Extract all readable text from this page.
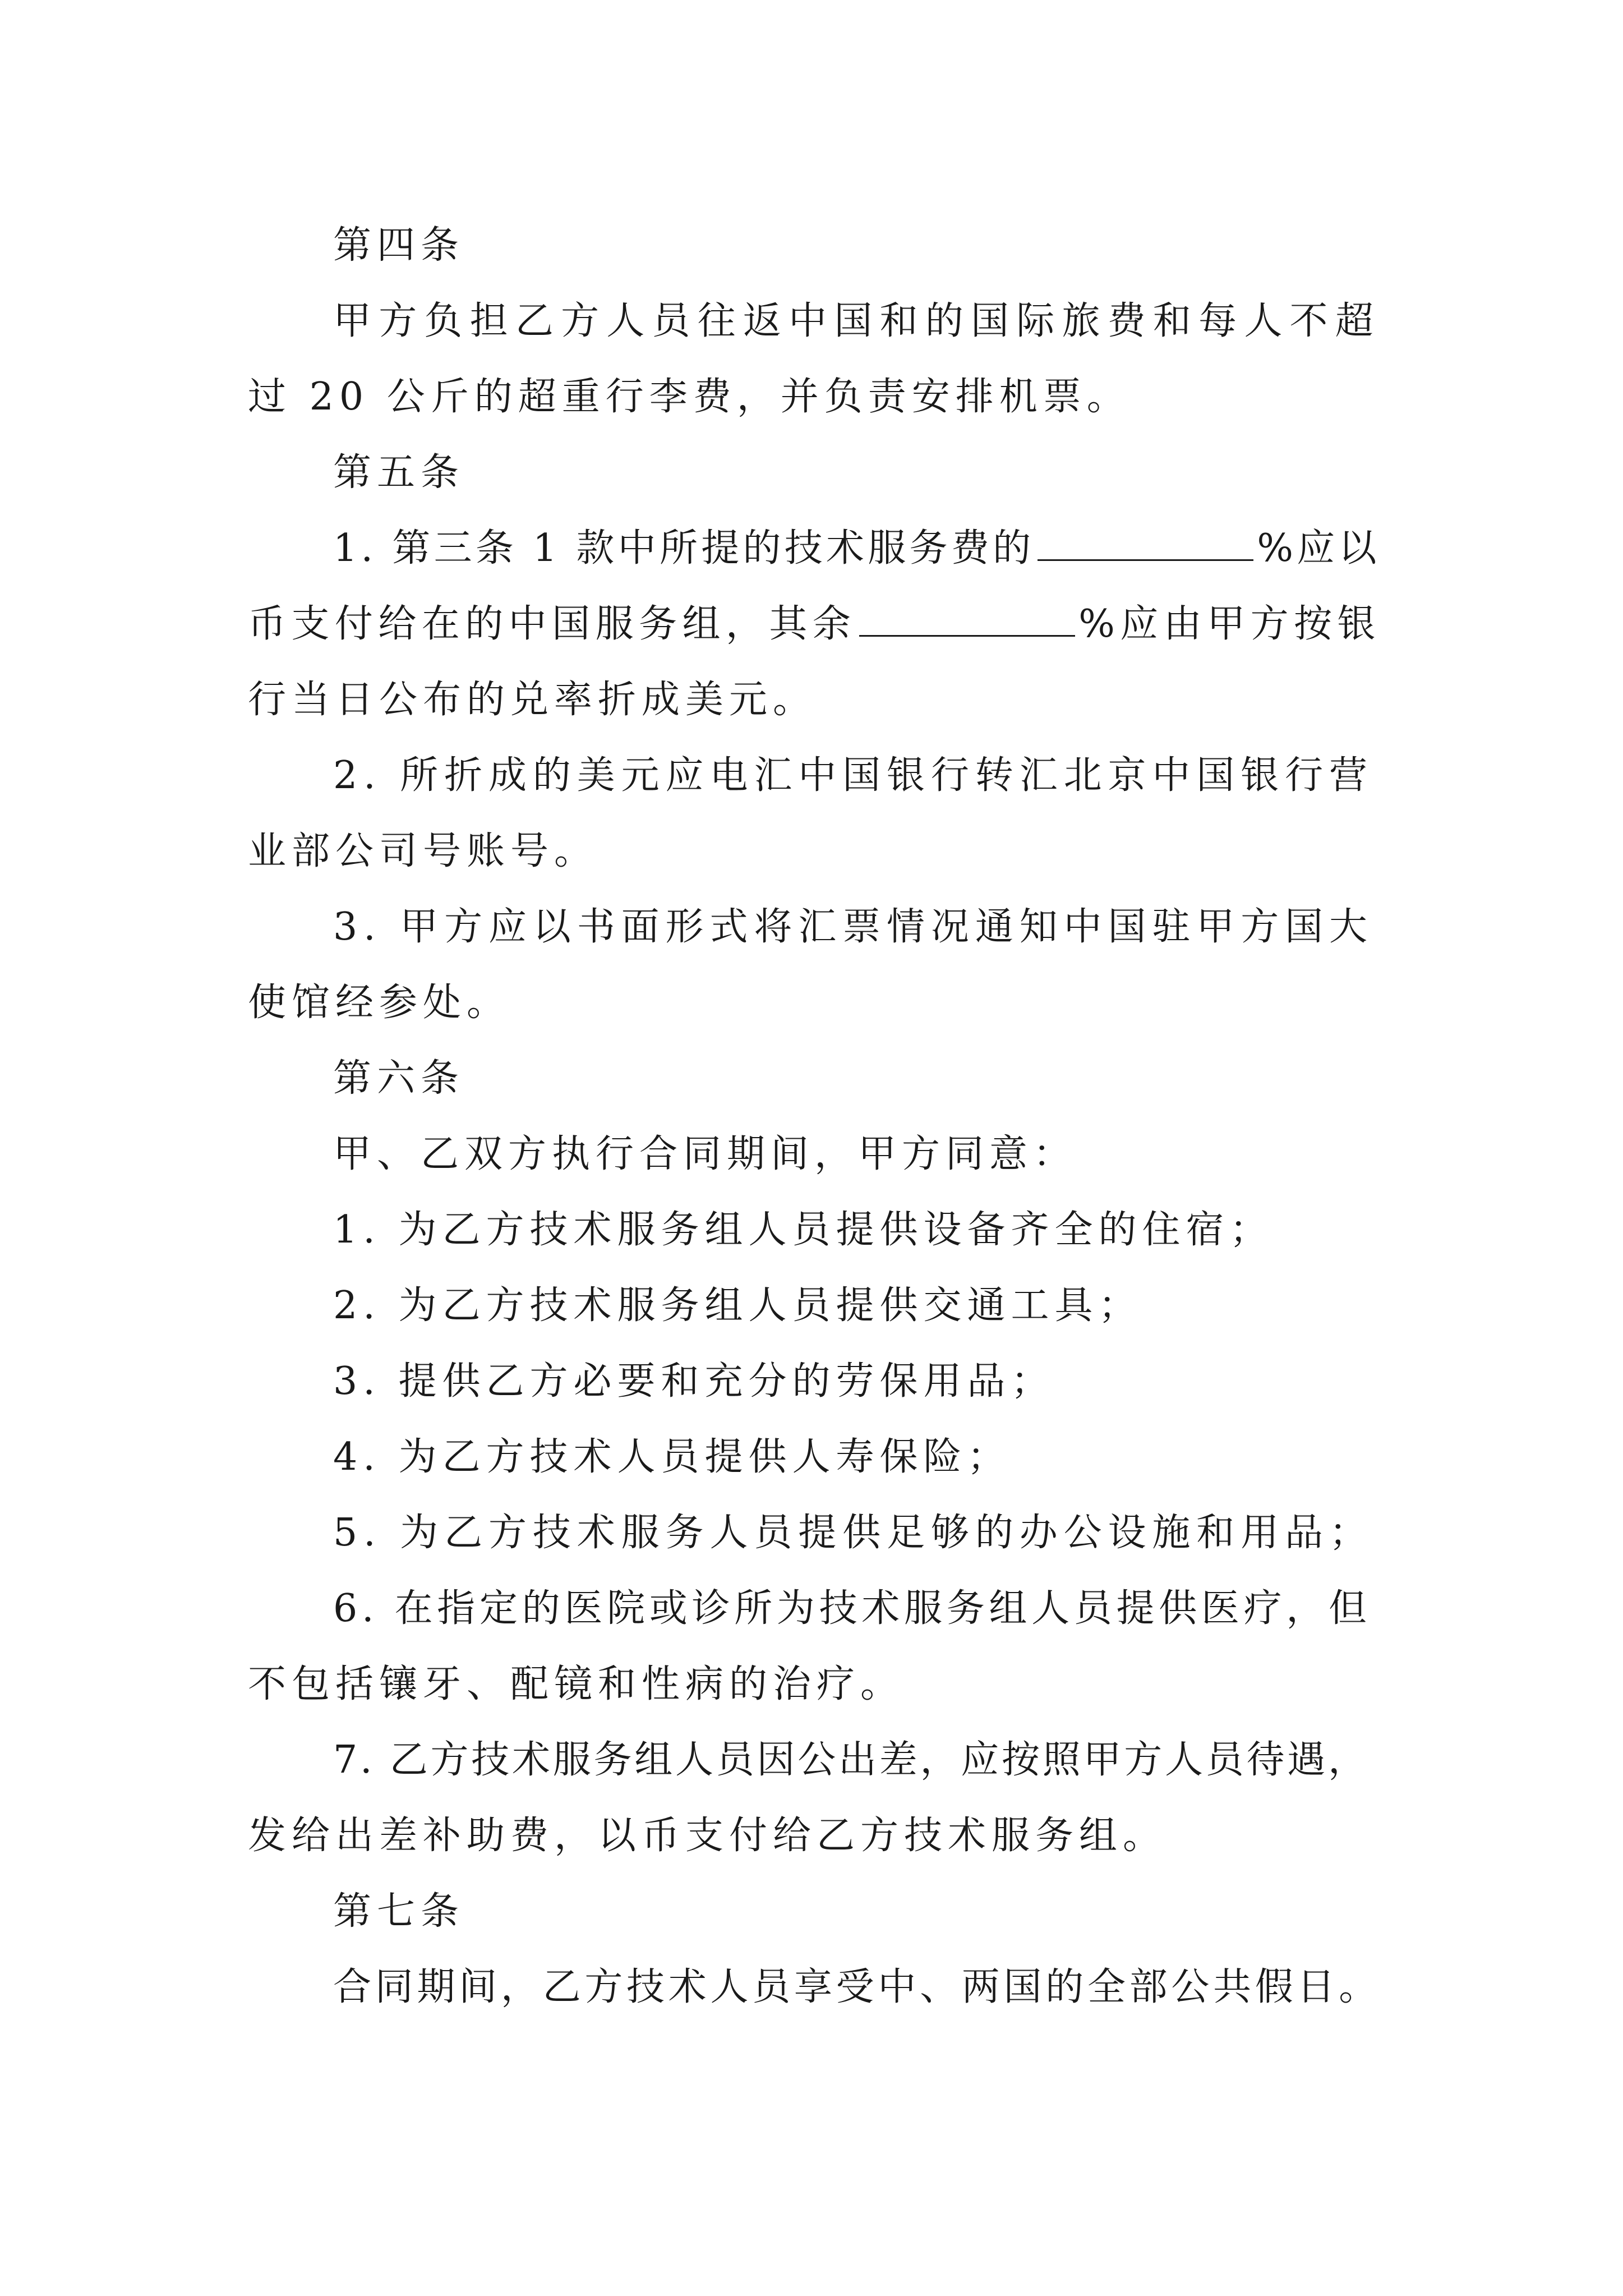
第四条
甲方负担乙方人员往返中国和的国际旅费和每人不超
过 20 公斤的超重行李费，并负责安排机票。
第五条
1. 第三条 1 款中所提的技术服务费的	%应以
币支付给在的中国服务组，其余	%应由甲方按银
行当日公布的兑率折成美元。
2. 所折成的美元应电汇中国银行转汇北京中国银行营
业部公司号账号。
3. 甲方应以书面形式将汇票情况通知中国驻甲方国大
使馆经参处。
第六条
甲、乙双方执行合同期间，甲方同意：
1. 为乙方技术服务组人员提供设备齐全的住宿；
2. 为乙方技术服务组人员提供交通工具；
3. 提供乙方必要和充分的劳保用品；
4. 为乙方技术人员提供人寿保险；
5. 为乙方技术服务人员提供足够的办公设施和用品；
6. 在指定的医院或诊所为技术服务组人员提供医疗，但
不包括镶牙、配镜和性病的治疗。
7. 乙方技术服务组人员因公出差，应按照甲方人员待遇，
发给出差补助费，以币支付给乙方技术服务组。
第七条
合同期间，乙方技术人员享受中、两国的全部公共假日。
